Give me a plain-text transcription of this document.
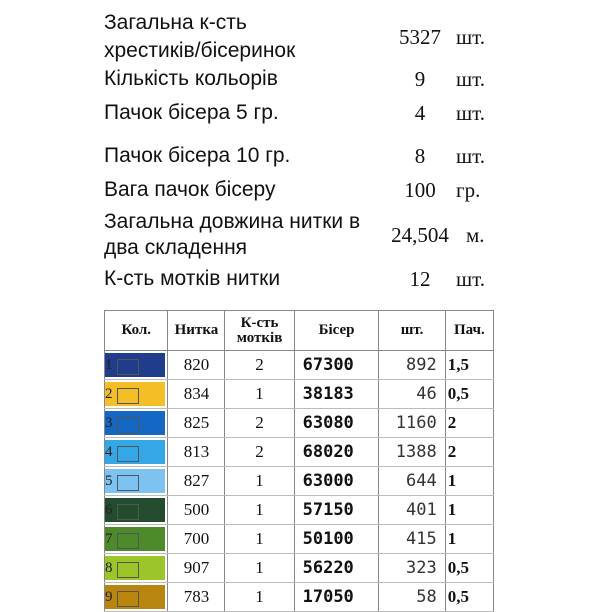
Загальна к-сть
хрестиків/бісеринок
5327 шт.
Кількість кольорів	9	шт.
Пачок бісера 5 гр.	4	шт.
Пачок бісера 10 гр.	8	шт.
Вага пачок бісеру	100 гр.
Загальна довжина нитки в
два складення
24,504 м.
К-сть мотків нитки	12	шт.
Кол.	Нитка	К-сть мотків	Бісер	шт.	Пач.

1	820	2	67300	892	1,5

2	834	1	38183	46	0,5

3	825	2	63080	1160	2

4	813	2	68020	1388	2

5	827	1	63000	644	1

6	500	1	57150	401	1

7	700	1	50100	415	1

8	907	1	56220	323	0,5

9	783	1	17050	58	0,5
